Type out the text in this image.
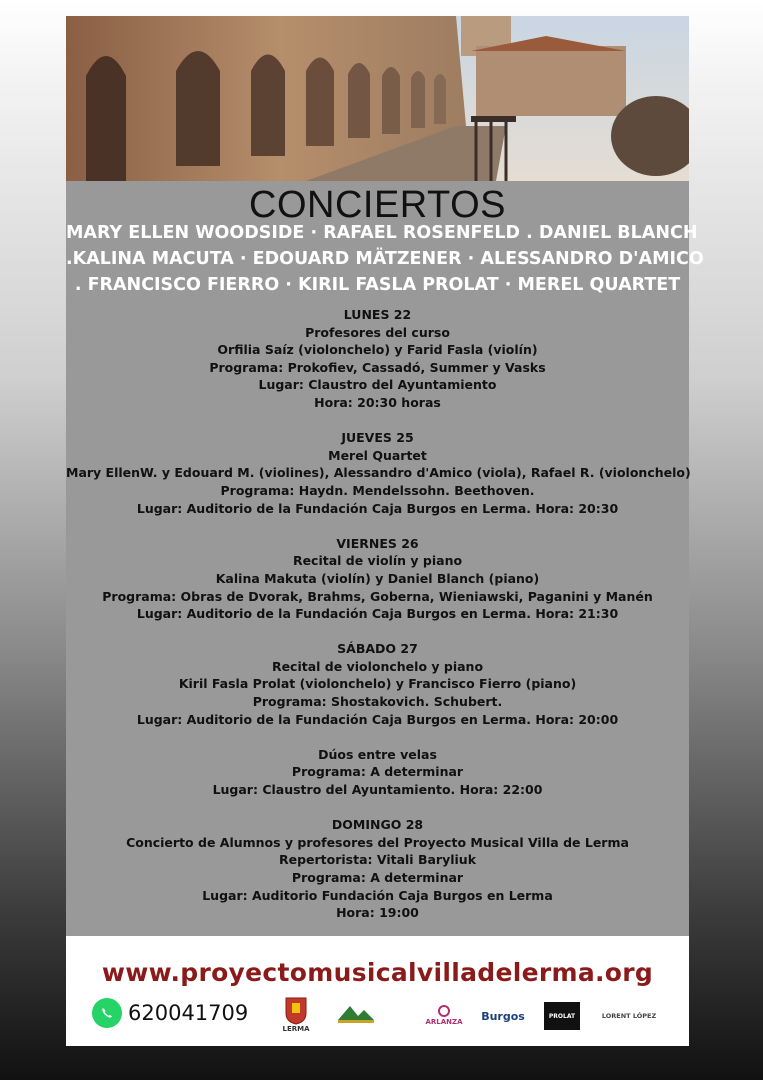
CONCIERTOS
MARY ELLEN WOODSIDE · RAFAEL ROSENFELD . DANIEL BLANCH
.KALINA MACUTA · EDOUARD MÄTZENER · ALESSANDRO D'AMICO
. FRANCISCO FIERRO · KIRIL FASLA PROLAT · MEREL QUARTET
LUNES 22
Profesores del curso
Orfilia Saíz (violonchelo) y Farid Fasla (violín)
Programa: Prokofiev, Cassadó, Summer y Vasks
Lugar: Claustro del Ayuntamiento
Hora: 20:30 horas
JUEVES 25
Merel Quartet
Mary EllenW. y Edouard M. (violines), Alessandro d'Amico (viola), Rafael R. (violonchelo)
Programa: Haydn. Mendelssohn. Beethoven.
Lugar: Auditorio de la Fundación Caja Burgos en Lerma. Hora: 20:30
VIERNES 26
Recital de violín y piano
Kalina Makuta (violín) y Daniel Blanch (piano)
Programa: Obras de Dvorak, Brahms, Goberna, Wieniawski, Paganini y Manén
Lugar: Auditorio de la Fundación Caja Burgos en Lerma. Hora: 21:30
SÁBADO 27
Recital de violonchelo y piano
Kiril Fasla Prolat (violonchelo) y Francisco Fierro (piano)
Programa: Shostakovich. Schubert.
Lugar: Auditorio de la Fundación Caja Burgos en Lerma. Hora: 20:00
Dúos entre velas
Programa: A determinar
Lugar: Claustro del Ayuntamiento. Hora: 22:00
DOMINGO 28
Concierto de Alumnos y profesores del Proyecto Musical Villa de Lerma
Repertorista: Vitali Baryliuk
Programa: A determinar
Lugar: Auditorio Fundación Caja Burgos en Lerma
Hora: 19:00
www.proyectomusicalvilladelerma.org
620041709
LERMA
ARLANZA Burgos	PROLAT	LORENT LÓPEZ
